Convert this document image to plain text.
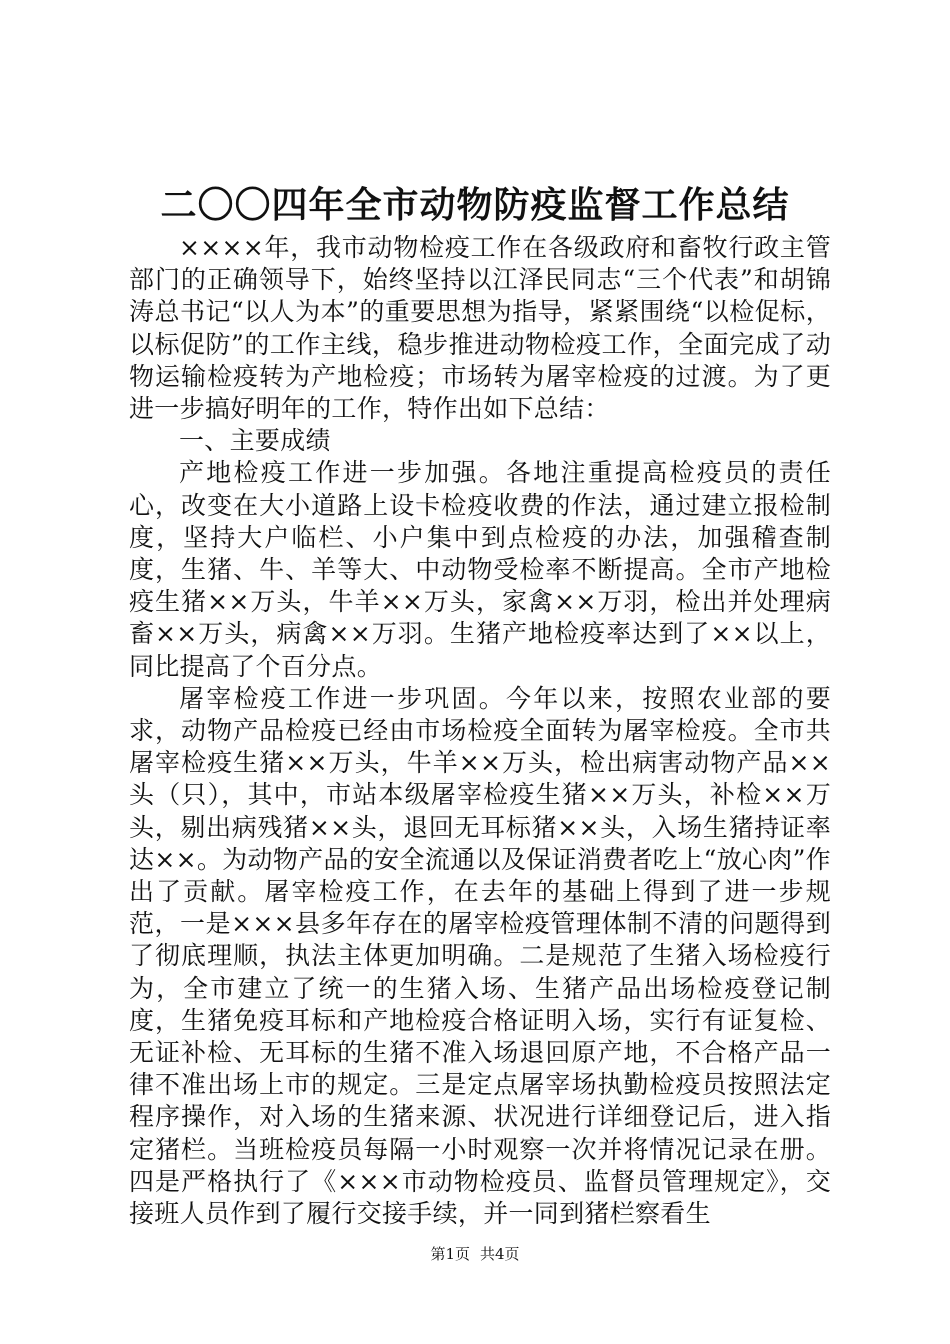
二〇〇四年全市动物防疫监督工作总结

××××年，我市动物检疫工作在各级政府和畜牧行政主管部门的正确领导下，始终坚持以江泽民同志“三个代表”和胡锦涛总书记“以人为本”的重要思想为指导，紧紧围绕“以检促标，以标促防”的工作主线，稳步推进动物检疫工作，全面完成了动物运输检疫转为产地检疫；市场转为屠宰检疫的过渡。为了更进一步搞好明年的工作，特作出如下总结：

一、主要成绩

产地检疫工作进一步加强。各地注重提高检疫员的责任心，改变在大小道路上设卡检疫收费的作法，通过建立报检制度，坚持大户临栏、小户集中到点检疫的办法，加强稽查制度，生猪、牛、羊等大、中动物受检率不断提高。全市产地检疫生猪××万头，牛羊××万头，家禽××万羽，检出并处理病畜××万头，病禽××万羽。生猪产地检疫率达到了××以上，同比提高了个百分点。

屠宰检疫工作进一步巩固。今年以来，按照农业部的要求，动物产品检疫已经由市场检疫全面转为屠宰检疫。全市共屠宰检疫生猪××万头，牛羊××万头，检出病害动物产品××头（只），其中，市站本级屠宰检疫生猪××万头，补检××万头，剔出病残猪××头，退回无耳标猪××头，入场生猪持证率达××。为动物产品的安全流通以及保证消费者吃上“放心肉”作出了贡献。屠宰检疫工作，在去年的基础上得到了进一步规范，一是×××县多年存在的屠宰检疫管理体制不清的问题得到了彻底理顺，执法主体更加明确。二是规范了生猪入场检疫行为，全市建立了统一的生猪入场、生猪产品出场检疫登记制度，生猪免疫耳标和产地检疫合格证明入场，实行有证复检、无证补检、无耳标的生猪不准入场退回原产地，不合格产品一律不准出场上市的规定。三是定点屠宰场执勤检疫员按照法定程序操作，对入场的生猪来源、状况进行详细登记后，进入指定猪栏。当班检疫员每隔一小时观察一次并将情况记录在册。四是严格执行了《×××市动物检疫员、监督员管理规定》，交接班人员作到了履行交接手续，并一同到猪栏察看生

第1页 共4页
